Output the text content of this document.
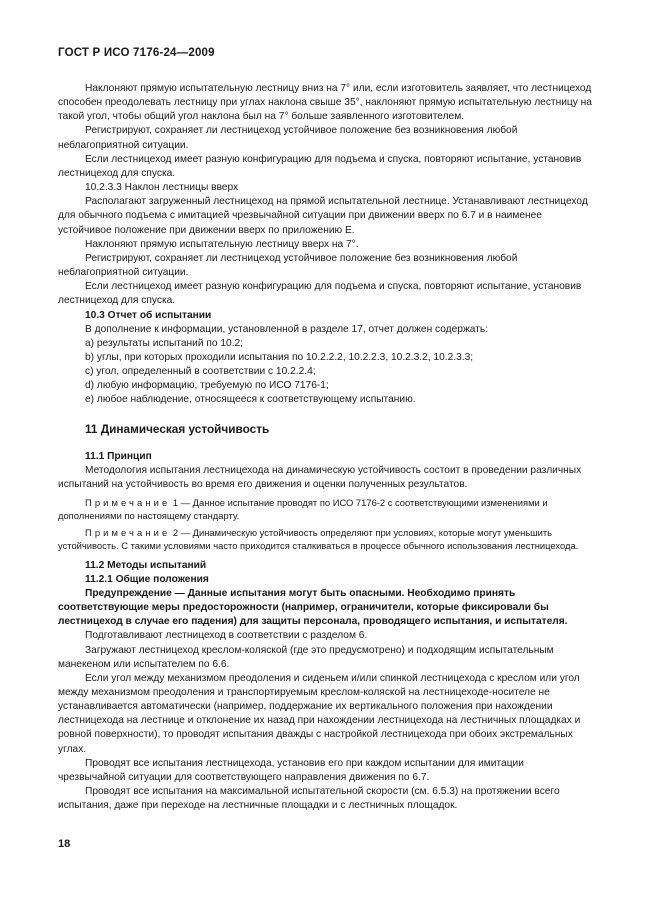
ГОСТ Р ИСО 7176-24—2009

Наклоняют прямую испытательную лестницу вниз на 7° или, если изготовитель заявляет, что лестницеход способен преодолевать лестницу при углах наклона свыше 35°, наклоняют прямую испытательную лестницу на такой угол, чтобы общий угол наклона был на 7° больше заявленного изготовителем.

Регистрируют, сохраняет ли лестницеход устойчивое положение без возникновения любой неблагоприятной ситуации.

Если лестницеход имеет разную конфигурацию для подъема и спуска, повторяют испытание, установив лестницеход для спуска.

10.2.3.3 Наклон лестницы вверх

Располагают загруженный лестницеход на прямой испытательной лестнице. Устанавливают лестницеход для обычного подъема с имитацией чрезвычайной ситуации при движении вверх по 6.7 и в наименее устойчивое положение при движении вверх по приложению Е.

Наклоняют прямую испытательную лестницу вверх на 7°.

Регистрируют, сохраняет ли лестницеход устойчивое положение без возникновения любой неблагоприятной ситуации.

Если лестницеход имеет разную конфигурацию для подъема и спуска, повторяют испытание, установив лестницеход для спуска.

10.3 Отчет об испытании

В дополнение к информации, установленной в разделе 17, отчет должен содержать:

a) результаты испытаний по 10.2;

b) углы, при которых проходили испытания по 10.2.2.2, 10.2.2.3, 10.2.3.2, 10.2.3.3;

c) угол, определенный в соответствии с 10.2.2.4;

d) любую информацию, требуемую по ИСО 7176-1;

e) любое наблюдение, относящееся к соответствующему испытанию.

11 Динамическая устойчивость

11.1 Принцип

Методология испытания лестницехода на динамическую устойчивость состоит в проведении различных испытаний на устойчивость во время его движения и оценки полученных результатов.

Примечание 1 — Данное испытание проводят по ИСО 7176-2 с соответствующими изменениями и дополнениями по настоящему стандарту.

Примечание 2 — Динамическую устойчивость определяют при условиях, которые могут уменьшить устойчивость. С такими условиями часто приходится сталкиваться в процессе обычного использования лестницехода.

11.2 Методы испытаний

11.2.1 Общие положения

Предупреждение — Данные испытания могут быть опасными. Необходимо принять соответствующие меры предосторожности (например, ограничители, которые фиксировали бы лестницеход в случае его падения) для защиты персонала, проводящего испытания, и испытателя.

Подготавливают лестницеход в соответствии с разделом 6.

Загружают лестницеход креслом-коляской (где это предусмотрено) и подходящим испытательным манекеном или испытателем по 6.6.

Если угол между механизмом преодоления и сиденьем и/или спинкой лестницехода с креслом или угол между механизмом преодоления и транспортируемым креслом-коляской на лестницеходе-носителе не устанавливается автоматически (например, поддержание их вертикального положения при нахождении лестницехода на лестнице и отклонение их назад при нахождении лестницехода на лестничных площадках и ровной поверхности), то проводят испытания дважды с настройкой лестницехода при обоих экстремальных углах.

Проводят все испытания лестницехода, установив его при каждом испытании для имитации чрезвычайной ситуации для соответствующего направления движения по 6.7.

Проводят все испытания на максимальной испытательной скорости (см. 6.5.3) на протяжении всего испытания, даже при переходе на лестничные площадки и с лестничных площадок.

18
